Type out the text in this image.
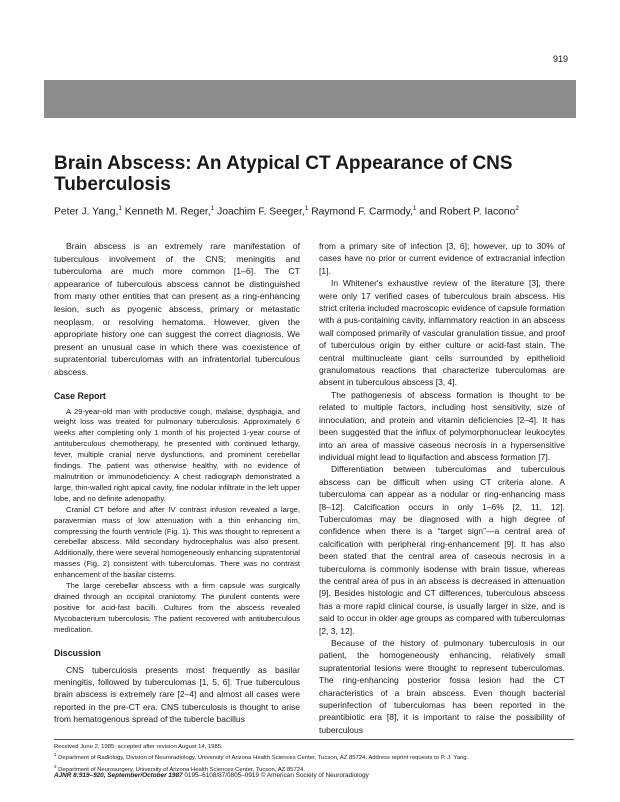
919
Brain Abscess: An Atypical CT Appearance of CNS Tuberculosis
Peter J. Yang,$^1$ Kenneth M. Reger,$^1$ Joachim F. Seeger,$^1$ Raymond F. Carmody,$^1$ and Robert P. Iacono$^2$

Brain abscess is an extremely rare manifestation of tuberculous involvement of the CNS; meningitis and tuberculoma are much more common [1–6]. The CT appearance of tuberculous abscess cannot be distinguished from many other entities that can present as a ring-enhancing lesion, such as pyogenic abscess, primary or metastatic neoplasm, or resolving hematoma. However, given the appropriate history one can suggest the correct diagnosis. We present an unusual case in which there was coexistence of supratentorial tuberculomas with an infratentorial tuberculous abscess.

Case Report

A 29-year-old man with productive cough, malaise, dysphagia, and weight loss was treated for pulmonary tuberculosis. Approximately 6 weeks after completing only 1 month of his projected 1-year course of antituberculous chemotherapy, he presented with continued lethargy, fever, multiple cranial nerve dysfunctions, and prominent cerebellar findings. The patient was otherwise healthy, with no evidence of malnutrition or immunodeficiency. A chest radiograph demonstrated a large, thin-walled right apical cavity, fine nodular infiltrate in the left upper lobe, and no definite adenopathy.

Cranial CT before and after IV contrast infusion revealed a large, paravermian mass of low attenuation with a thin enhancing rim, compressing the fourth ventricle (Fig. 1). This was thought to represent a cerebellar abscess. Mild secondary hydrocephalus was also present. Additionally, there were several homogeneously enhancing supratentorial masses (Fig. 2) consistent with tuberculomas. There was no contrast enhancement of the basilar cisterns.

The large cerebellar abscess with a firm capsule was surgically drained through an occipital craniotomy. The purulent contents were positive for acid-fast bacilli. Cultures from the abscess revealed Mycobacterium tuberculosis. The patient recovered with antituberculous medication.

Discussion

CNS tuberculosis presents most frequently as basilar meningitis, followed by tuberculomas [1, 5, 6]. True tuberculous brain abscess is extremely rare [2–4] and almost all cases were reported in the pre-CT era. CNS tuberculosis is thought to arise from hematogenous spread of the tubercle bacillus

from a primary site of infection [3, 6]; however, up to 30% of cases have no prior or current evidence of extracranial infection [1].

In Whitener's exhaustive review of the literature [3], there were only 17 verified cases of tuberculous brain abscess. His strict criteria included macroscopic evidence of capsule formation with a pus-containing cavity, inflammatory reaction in an abscess wall composed primarily of vascular granulation tissue, and proof of tuberculous origin by either culture or acid-fast stain. The central multinucleate giant cells surrounded by epithelioid granulomatous reactions that characterize tuberculomas are absent in tuberculous abscess [3, 4].

The pathogenesis of abscess formation is thought to be related to multiple factors, including host sensitivity, size of innoculation, and protein and vitamin deficiencies [2–4]. It has been suggested that the influx of polymorphonuclear leukocytes into an area of massive caseous necrosis in a hypersensitive individual might lead to liquifaction and abscess formation [7].

Differentiation between tuberculomas and tuberculous abscess can be difficult when using CT criteria alone. A tuberculoma can appear as a nodular or ring-enhancing mass [8–12]. Calcification occurs in only 1–6% [2, 11, 12]. Tuberculomas may be diagnosed with a high degree of confidence when there is a “target sign”—a central area of calcification with peripheral ring-enhancement [9]. It has also been stated that the central area of caseous necrosis in a tuberculoma is commonly isodense with brain tissue, whereas the central area of pus in an abscess is decreased in attenuation [9]. Besides histologic and CT differences, tuberculous abscess has a more rapid clinical course, is usually larger in size, and is said to occur in older age groups as compared with tuberculomas [2, 3, 12].

Because of the history of pulmonary tuberculosis in our patient, the homogeneously enhancing, relatively small supratentorial lesions were thought to represent tuberculomas. The ring-enhancing posterior fossa lesion had the CT characteristics of a brain abscess. Even though bacterial superinfection of tuberculomas has been reported in the preantibiotic era [8], it is important to raise the possibility of tuberculous

Received June 2, 1985; accepted after revision August 14, 1985.
$^1$ Department of Radiology, Division of Neuroradiology, University of Arizona Health Sciences Center, Tucson, AZ 85724. Address reprint requests to P. J. Yang.
$^2$ Department of Neurosurgery, University of Arizona Health Sciences Center, Tucson, AZ 85724.
AJNR 8:919–920, September/October 1987 0195–6108/87/0805–0919 © American Society of Neuroradiology
